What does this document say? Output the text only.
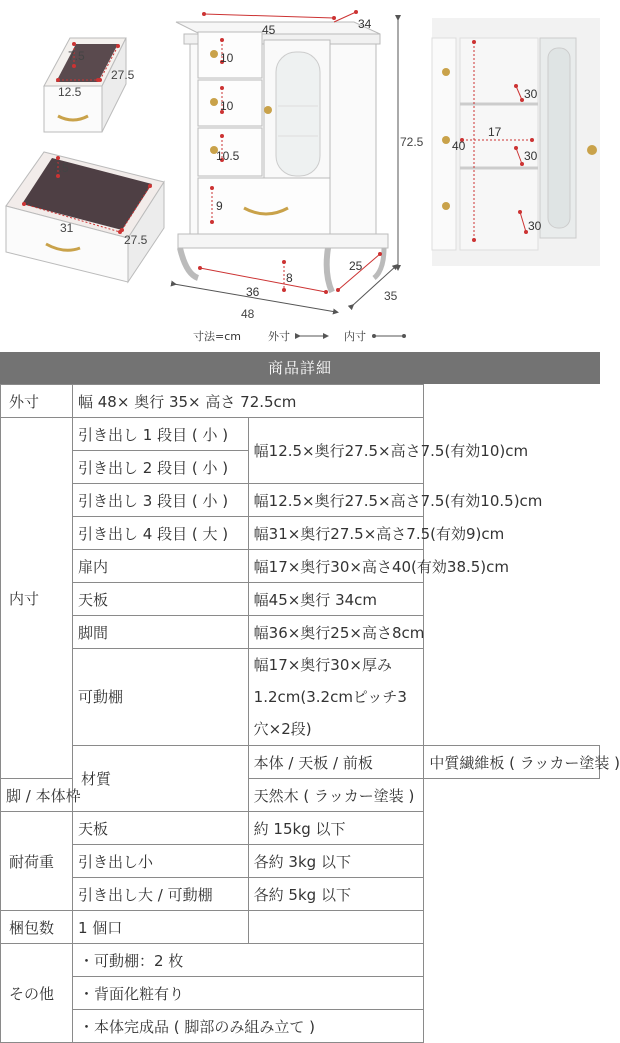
7.5
27.5
12.5
7.5
31
27.5
10
10
10.5
9
45	34
36
8
25
72.5
48
35
寸法=cm 外寸	内寸
40
17
30
30
30
商品詳細
外寸	幅 48× 奥行 35× 高さ 72.5cm		
内寸	引き出し 1 段目 ( 小 )	幅12.5×奥行27.5×高さ7.5(有効10)cm	
	引き出し 2 段目 ( 小 )		
	引き出し 3 段目 ( 小 )	幅12.5×奥行27.5×高さ7.5(有効10.5)cm	
	引き出し 4 段目 ( 大 )	幅31×奥行27.5×高さ7.5(有効9)cm	
	扉内	幅17×奥行30×高さ40(有効38.5)cm	
	天板	幅45×奥行 34cm	
	脚間	幅36×奥行25×高さ8cm	
	可動棚	幅17×奥行30×厚み1.2cm(3.2cmピッチ3穴×2段)	
	材質	本体 / 天板 / 前板	中質繊維板 ( ラッカー塗装 )
脚 / 本体枠		天然木 ( ラッカー塗装 )	
耐荷重	天板	約 15kg 以下	
	引き出し小	各約 3kg 以下	
	引き出し大 / 可動棚	各約 5kg 以下	
梱包数	1 個口		
その他	・可動棚：2 枚		
	・背面化粧有り		
	・本体完成品 ( 脚部のみ組み立て )		
